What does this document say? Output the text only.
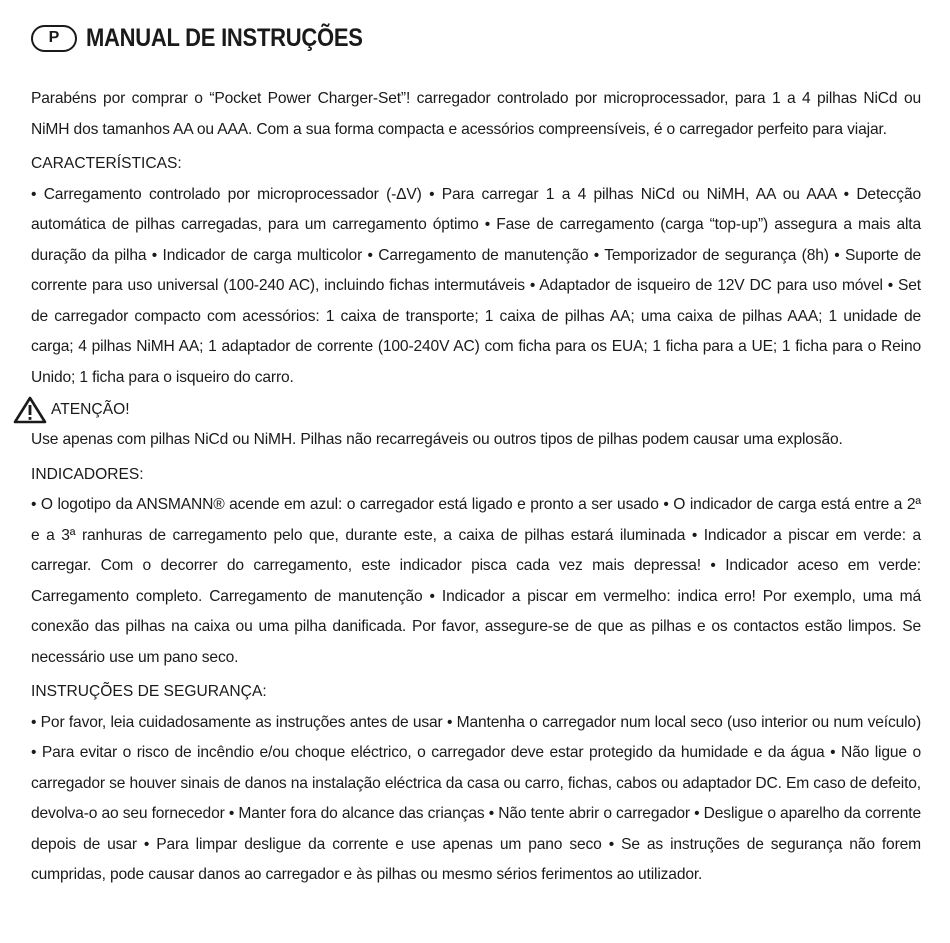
P	MANUAL DE INSTRUÇÕES

Parabéns por comprar o “Pocket Power Charger-Set”! carregador controlado por microprocessador, para 1 a 4 pilhas NiCd ou NiMH dos tamanhos AA ou AAA. Com a sua forma compacta e acessórios compreensíveis, é o carregador perfeito para viajar.

CARACTERÍSTICAS:

• Carregamento controlado por microprocessador (-ΔV) • Para carregar 1 a 4 pilhas NiCd ou NiMH, AA ou AAA • Detecção automática de pilhas carregadas, para um carregamento óptimo • Fase de carregamento (carga “top-up”) assegura a mais alta duração da pilha • Indicador de carga multicolor • Carregamento de manutenção • Temporizador de segurança (8h) • Suporte de corrente para uso universal (100-240 AC), incluindo fichas intermutáveis • Adaptador de isqueiro de 12V DC para uso móvel • Set de carregador compacto com acessórios: 1 caixa de transporte; 1 caixa de pilhas AA; uma caixa de pilhas AAA; 1 unidade de carga; 4 pilhas NiMH AA; 1 adaptador de corrente (100-240V AC) com ficha para os EUA; 1 ficha para a UE; 1 ficha para o Reino Unido; 1 ficha para o isqueiro do carro.

ATENÇÃO!

Use apenas com pilhas NiCd ou NiMH. Pilhas não recarregáveis ou outros tipos de pilhas podem causar uma explosão.

INDICADORES:

• O logotipo da ANSMANN® acende em azul: o carregador está ligado e pronto a ser usado • O indicador de carga está entre a 2ª e a 3ª ranhuras de carregamento pelo que, durante este, a caixa de pilhas estará iluminada • Indicador a piscar em verde: a carregar. Com o decorrer do carregamento, este indicador pisca cada vez mais depressa! • Indicador aceso em verde: Carregamento completo. Carregamento de manutenção • Indicador a piscar em vermelho: indica erro! Por exemplo, uma má conexão das pilhas na caixa ou uma pilha danificada. Por favor, assegure-se de que as pilhas e os contactos estão limpos. Se necessário use um pano seco.

INSTRUÇÕES DE SEGURANÇA:

• Por favor, leia cuidadosamente as instruções antes de usar • Mantenha o carregador num local seco (uso interior ou num veículo) • Para evitar o risco de incêndio e/ou choque eléctrico, o carregador deve estar protegido da humidade e da água • Não ligue o carregador se houver sinais de danos na instalação eléctrica da casa ou carro, fichas, cabos ou adaptador DC. Em caso de defeito, devolva-o ao seu fornecedor • Manter fora do alcance das crianças • Não tente abrir o carregador • Desligue o aparelho da corrente depois de usar • Para limpar desligue da corrente e use apenas um pano seco • Se as instruções de segurança não forem cumpridas, pode causar danos ao carregador e às pilhas ou mesmo sérios ferimentos ao utilizador.
